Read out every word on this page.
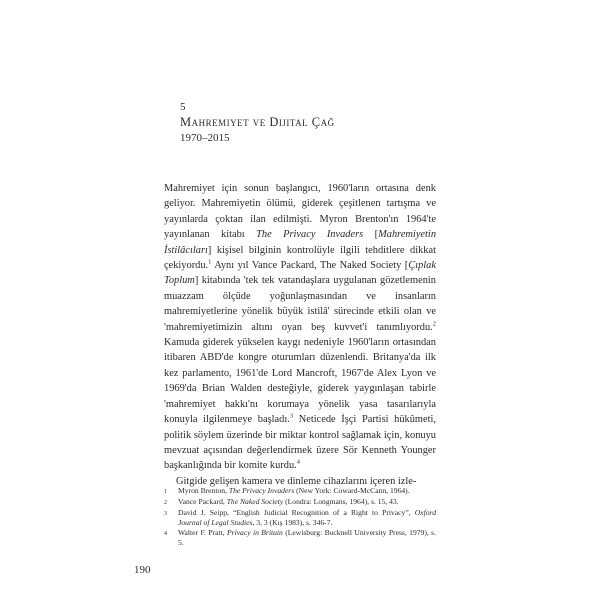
5
Mahremiyet ve Dijital Çağ
1970–2015

Mahremiyet için sonun başlangıcı, 1960'ların ortasına denk geliyor. Mahremiyetin ölümü, giderek çeşitlenen tartışma ve yayınlarda çoktan ilan edilmişti. Myron Brenton'ın 1964'te yayınlanan kitabı The Privacy Invaders [Mahremiyetin İstilâcıları] kişisel bilginin kontrolüyle ilgili tehditlere dikkat çekiyordu.$^1$ Aynı yıl Vance Packard, The Naked Society [Çıplak Toplum] kitabında 'tek tek vatandaşlara uygulanan gözetlemenin muazzam ölçüde yoğunlaşmasından ve insanların mahremiyetlerine yönelik büyük istilâ' sürecinde etkili olan ve 'mahremiyetimizin altını oyan beş kuvvet'i tanımlıyordu.$^2$ Kamuda giderek yükselen kaygı nedeniyle 1960'ların ortasından itibaren ABD'de kongre oturumları düzenlendi. Britanya'da ilk kez parlamento, 1961'de Lord Mancroft, 1967'de Alex Lyon ve 1969'da Brian Walden desteğiyle, giderek yaygınlaşan tabirle 'mahremiyet hakkı'nı korumaya yönelik yasa tasarılarıyla konuyla ilgilenmeye başladı.$^3$ Neticede İşçi Partisi hükûmeti, politik söylem üzerinde bir miktar kontrol sağlamak için, konuyu mevzuat açısından değerlendirmek üzere Sör Kenneth Younger başkanlığında bir komite kurdu.$^4$

Gitgide gelişen kamera ve dinleme cihazlarını içeren izle-

1	Myron Brenton, The Privacy Invaders (New York: Coward-McCann, 1964).
2	Vance Packard, The Naked Society (Londra: Longmans, 1964), s. 15, 43.
3	David J. Seipp, “English Judicial Recognition of a Right to Privacy”, Oxford Journal of Legal Studies, 3, 3 (Kış 1983), s. 346-7.
4	Walter F. Pratt, Privacy in Britain (Lewisburg: Bucknell University Press, 1979), s. 5.
190
